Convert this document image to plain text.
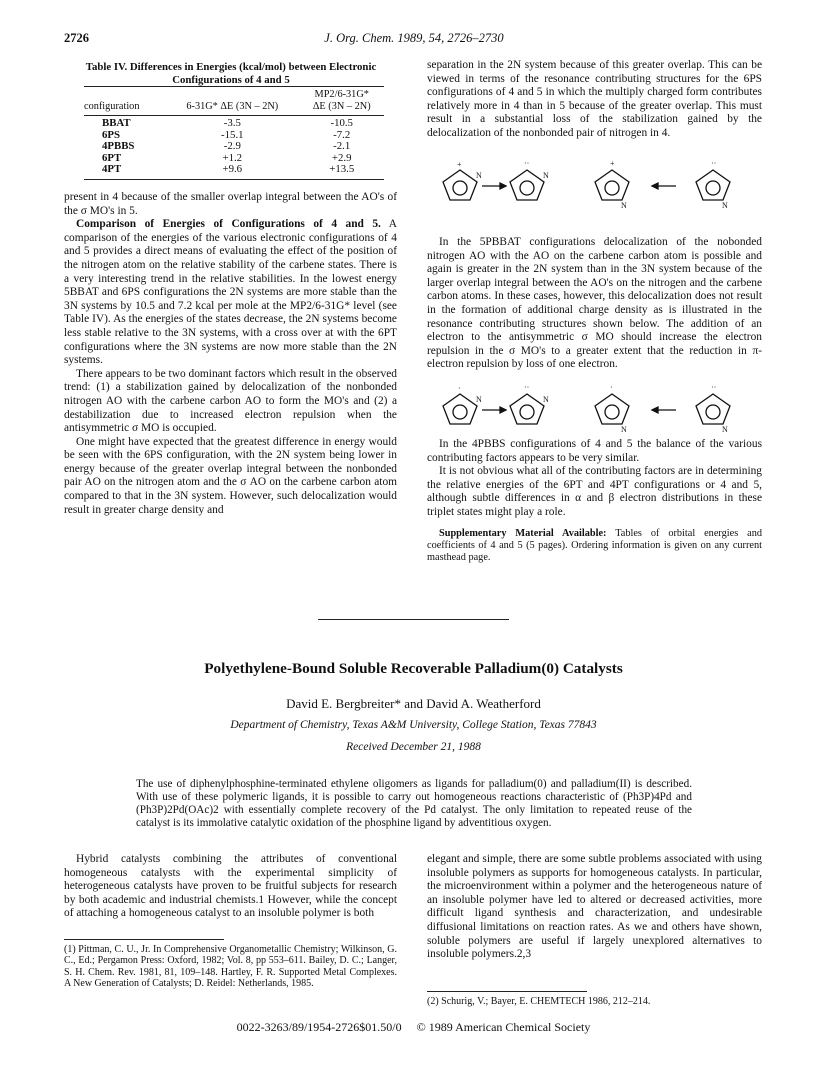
2726	J. Org. Chem. 1989, 54, 2726–2730
Table IV. Differences in Energies (kcal/mol) between Electronic Configurations of 4 and 5
		MP2/6-31G*
configuration	6-31G* ΔE (3N – 2N)	ΔE (3N – 2N)

BBAT	-3.5	-10.5
6PS	-15.1	-7.2
4PBBS	-2.9	-2.1
6PT	+1.2	+2.9
4PT	+9.6	+13.5

present in 4 because of the smaller overlap integral between the AO's of the σ MO's in 5.

Comparison of Energies of Configurations of 4 and 5. A comparison of the energies of the various electronic configurations of 4 and 5 provides a direct means of evaluating the effect of the position of the nitrogen atom on the relative stability of the carbene states. There is a very interesting trend in the relative stabilities. In the lowest energy 5BBAT and 6PS configurations the 2N systems are more stable than the 3N systems by 10.5 and 7.2 kcal per mole at the MP2/6-31G* level (see Table IV). As the energies of the states decrease, the 2N systems become less stable relative to the 3N systems, with a cross over at with the 6PT configurations where the 3N systems are now more stable than the 2N systems.

There appears to be two dominant factors which result in the observed trend: (1) a stabilization gained by delocalization of the nonbonded nitrogen AO with the carbene carbon AO to form the MO's and (2) a destabilization due to increased electron repulsion when the antisymmetric σ MO is occupied.

One might have expected that the greatest difference in energy would be seen with the 6PS configuration, with the 2N system being lower in energy because of the greater overlap integral between the nonbonded pair AO on the nitrogen atom and the σ AO on the carbene carbon atom compared to that in the 3N system. However, such delocalization would result in greater charge density and

separation in the 2N system because of this greater overlap. This can be viewed in terms of the resonance contributing structures for the 6PS configurations of 4 and 5 in which the multiply charged form contributes relatively more in 4 than in 5 because of the greater overlap. This must result in a substantial loss of the stabilization gained by the delocalization of the nonbonded pair of nitrogen in 4.

+
N
··
N
+
N
··
N

In the 5PBBAT configurations delocalization of the nobonded nitrogen AO with the AO on the carbene carbon atom is possible and again is greater in the 2N system than in the 3N system because of the larger overlap integral between the AO's on the nitrogen and the carbene carbon atoms. In these cases, however, this delocalization does not result in the formation of additional charge density as is illustrated in the resonance contributing structures shown below. The addition of an electron to the antisymmetric σ MO should increase the electron repulsion in the σ MO's to a greater extent that the reduction in π-electron repulsion by loss of one electron.

·
N
··
N
·
N
··
N

In the 4PBBS configurations of 4 and 5 the balance of the various contributing factors appears to be very similar.

It is not obvious what all of the contributing factors are in determining the relative energies of the 6PT and 4PT configurations or 4 and 5, although subtle differences in α and β electron distributions in these triplet states might play a role.

Supplementary Material Available: Tables of orbital energies and coefficients of 4 and 5 (5 pages). Ordering information is given on any current masthead page.

Polyethylene-Bound Soluble Recoverable Palladium(0) Catalysts
David E. Bergbreiter* and David A. Weatherford
Department of Chemistry, Texas A&M University, College Station, Texas 77843
Received December 21, 1988
The use of diphenylphosphine-terminated ethylene oligomers as ligands for palladium(0) and palladium(II) is described. With use of these polymeric ligands, it is possible to carry out homogeneous reactions characteristic of (Ph3P)4Pd and (Ph3P)2Pd(OAc)2 with essentially complete recovery of the Pd catalyst. The only limitation to repeated reuse of the catalyst is its immolative catalytic oxidation of the phosphine ligand by adventitious oxygen.

Hybrid catalysts combining the attributes of conventional homogeneous catalysts with the experimental simplicity of heterogeneous catalysts have proven to be fruitful subjects for research by both academic and industrial chemists.1 However, while the concept of attaching a homogeneous catalyst to an insoluble polymer is both

(1) Pittman, C. U., Jr. In Comprehensive Organometallic Chemistry; Wilkinson, G. C., Ed.; Pergamon Press: Oxford, 1982; Vol. 8, pp 553–611. Bailey, D. C.; Langer, S. H. Chem. Rev. 1981, 81, 109–148. Hartley, F. R. Supported Metal Complexes. A New Generation of Catalysts; D. Reidel: Netherlands, 1985.

elegant and simple, there are some subtle problems associated with using insoluble polymers as supports for homogeneous catalysts. In particular, the microenvironment within a polymer and the heterogeneous nature of an insoluble polymer have led to altered or decreased activities, more difficult ligand synthesis and characterization, and undesirable diffusional limitations on reaction rates. As we and others have shown, soluble polymers are useful if largely unexplored alternatives to insoluble polymers.2,3

(2) Schurig, V.; Bayer, E. CHEMTECH 1986, 212–214.
0022-3263/89/1954-2726$01.50/0 © 1989 American Chemical Society
